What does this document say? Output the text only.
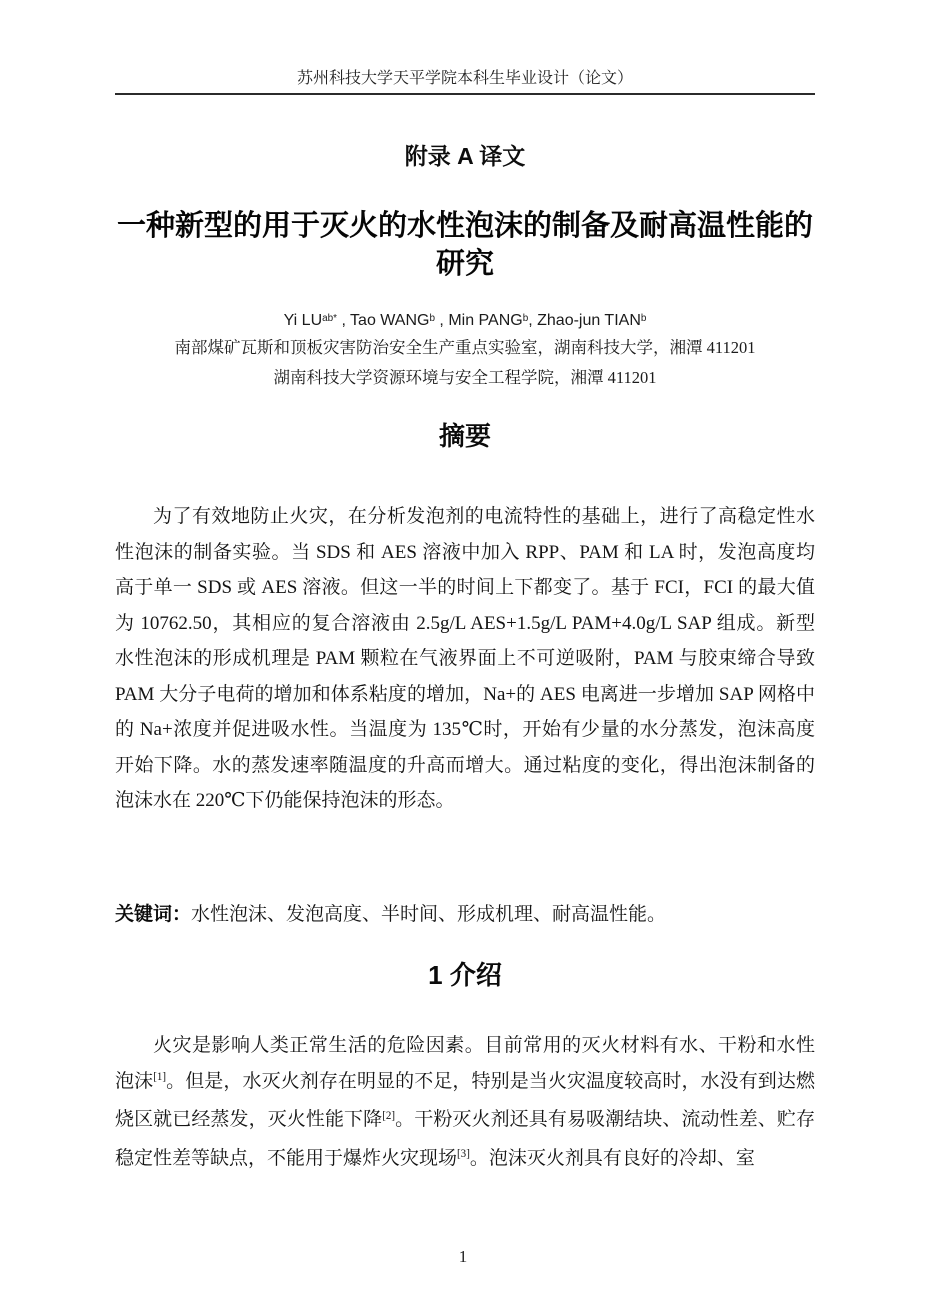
苏州科技大学天平学院本科生毕业设计（论文）
附录 A 译文
一种新型的用于灭火的水性泡沫的制备及耐高温性能的研究
Yi $LU^{ab*}$ , Tao WANG$^b$ , Min PANG$^b$, Zhao-jun TIAN$^b$
南部煤矿瓦斯和顶板灾害防治安全生产重点实验室，湖南科技大学，湘潭 411201
湖南科技大学资源环境与安全工程学院，湘潭 411201
摘要

为了有效地防止火灾，在分析发泡剂的电流特性的基础上，进行了高稳定性水性泡沫的制备实验。当 SDS 和 AES 溶液中加入 RPP、PAM 和 LA 时，发泡高度均高于单一 SDS 或 AES 溶液。但这一半的时间上下都变了。基于 FCI，FCI 的最大值为 10762.50，其相应的复合溶液由 2.5g/L AES+1.5g/L PAM+4.0g/L SAP 组成。新型水性泡沫的形成机理是 PAM 颗粒在气液界面上不可逆吸附，PAM 与胶束缔合导致 PAM 大分子电荷的增加和体系粘度的增加，Na+的 AES 电离进一步增加 SAP 网格中的 Na+浓度并促进吸水性。当温度为 135℃时，开始有少量的水分蒸发，泡沫高度开始下降。水的蒸发速率随温度的升高而增大。通过粘度的变化，得出泡沫制备的泡沫水在 220℃下仍能保持泡沫的形态。

关键词：水性泡沫、发泡高度、半时间、形成机理、耐高温性能。

1 介绍

火灾是影响人类正常生活的危险因素。目前常用的灭火材料有水、干粉和水性泡沫[1]。但是，水灭火剂存在明显的不足，特别是当火灾温度较高时，水没有到达燃烧区就已经蒸发，灭火性能下降[2]。干粉灭火剂还具有易吸潮结块、流动性差、贮存稳定性差等缺点，不能用于爆炸火灾现场[3]。泡沫灭火剂具有良好的冷却、室

1
